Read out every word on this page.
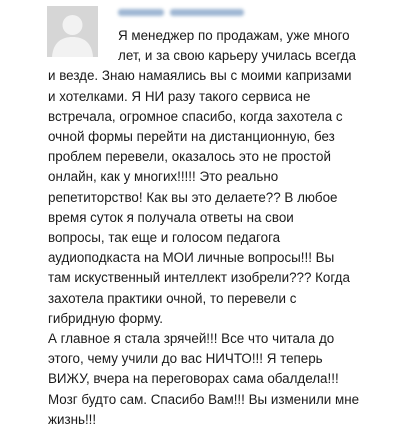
Я менеджер по продажам, уже много
лет, и за свою карьеру училась всегда
и везде. Знаю намаялись вы с моими капризами
и хотелками. Я НИ разу такого сервиса не
встречала, огромное спасибо, когда захотела с
очной формы перейти на дистанционную, без
проблем перевели, оказалось это не простой
онлайн, как у многих!!!!! Это реально
репетиторство! Как вы это делаете?? В любое
время суток я получала ответы на свои
вопросы, так еще и голосом педагога
аудиоподкаста на МОИ личные вопросы!!! Вы
там искуственный интеллект изобрели??? Когда
захотела практики очной, то перевели с
гибридную форму.
А главное я стала зрячей!!! Все что читала до
этого, чему учили до вас НИЧТО!!! Я теперь
ВИЖУ, вчера на переговорах сама обалдела!!!
Мозг будто сам. Спасибо Вам!!! Вы изменили мне
жизнь!!!
